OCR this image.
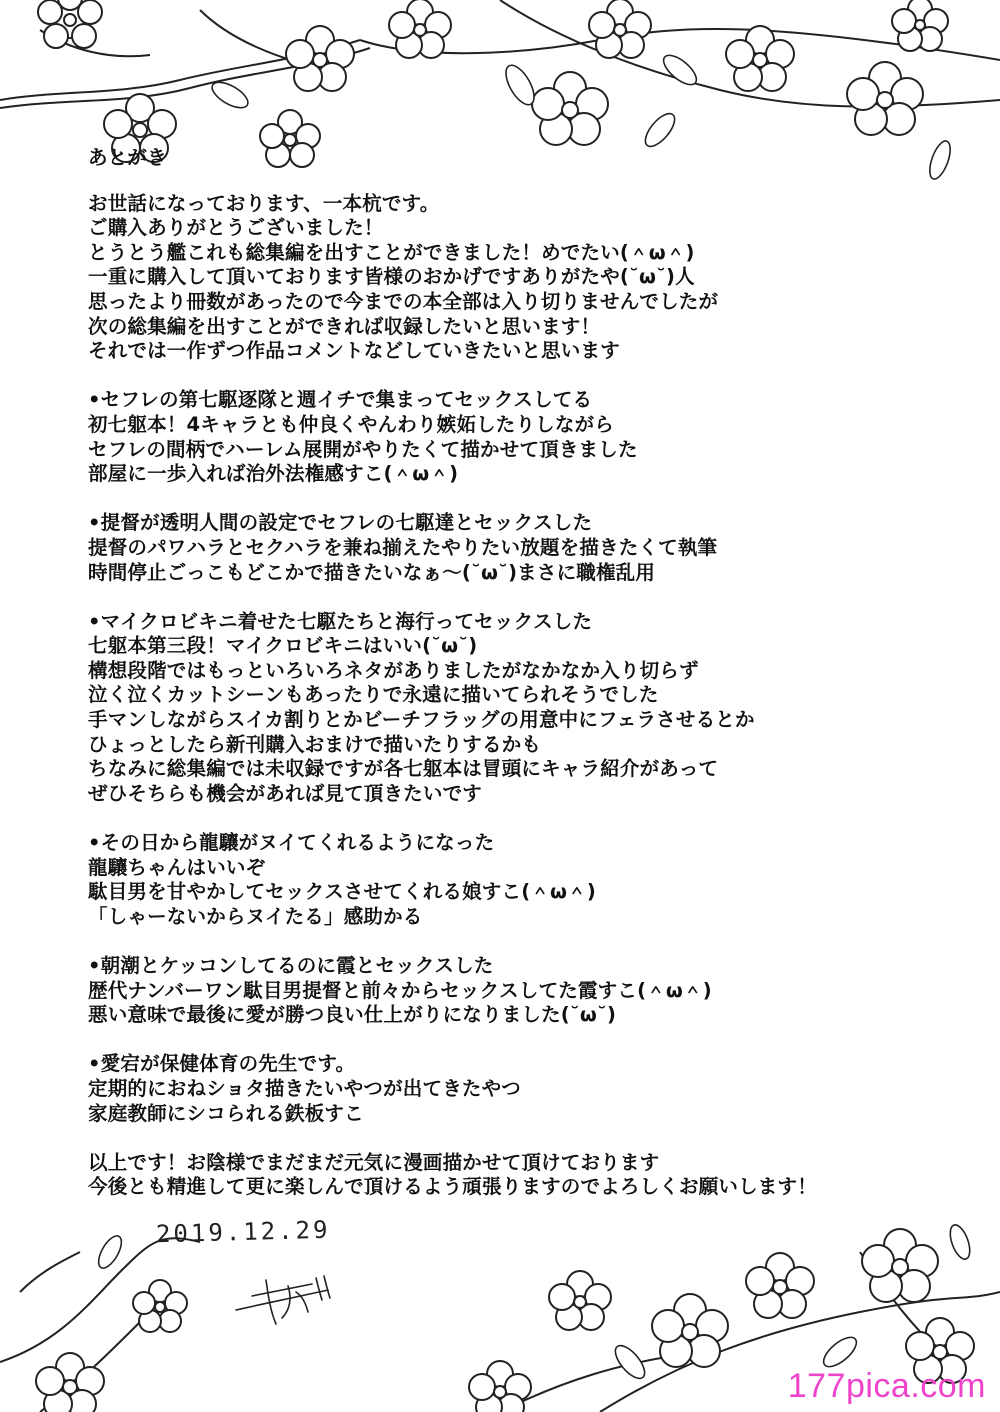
あとがき

お世話になっております、一本杭です。

ご購入ありがとうございました！

とうとう艦これも総集編を出すことができました！めでたい(＾ω＾)

一重に購入して頂いております皆様のおかげですありがたや(˘ω˘)人

思ったより冊数があったので今までの本全部は入り切りませんでしたが

次の総集編を出すことができれば収録したいと思います！

それでは一作ずつ作品コメントなどしていきたいと思います

•セフレの第七駆逐隊と週イチで集まってセックスしてる

初七躯本！4キャラとも仲良くやんわり嫉妬したりしながら

セフレの間柄でハーレム展開がやりたくて描かせて頂きました

部屋に一歩入れば治外法権感すこ(＾ω＾)

•提督が透明人間の設定でセフレの七駆達とセックスした

提督のパワハラとセクハラを兼ね揃えたやりたい放題を描きたくて執筆

時間停止ごっこもどこかで描きたいなぁ〜(˘ω˘)まさに職権乱用

•マイクロビキニ着せた七駆たちと海行ってセックスした

七躯本第三段！マイクロビキニはいい(˘ω˘)

構想段階ではもっといろいろネタがありましたがなかなか入り切らず

泣く泣くカットシーンもあったりで永遠に描いてられそうでした

手マンしながらスイカ割りとかビーチフラッグの用意中にフェラさせるとか

ひょっとしたら新刊購入おまけで描いたりするかも

ちなみに総集編では未収録ですが各七躯本は冒頭にキャラ紹介があって

ぜひそちらも機会があれば見て頂きたいです

•その日から龍驤がヌイてくれるようになった

龍驤ちゃんはいいぞ

駄目男を甘やかしてセックスさせてくれる娘すこ(＾ω＾)

「しゃーないからヌイたる」感助かる

•朝潮とケッコンしてるのに霞とセックスした

歴代ナンバーワン駄目男提督と前々からセックスしてた霞すこ(＾ω＾)

悪い意味で最後に愛が勝つ良い仕上がりになりました(˘ω˘)

•愛宕が保健体育の先生です。

定期的におねショタ描きたいやつが出てきたやつ

家庭教師にシコられる鉄板すこ

以上です！お陰様でまだまだ元気に漫画描かせて頂けております

今後とも精進して更に楽しんで頂けるよう頑張りますのでよろしくお願いします！

2019.12.29
177pica.com
